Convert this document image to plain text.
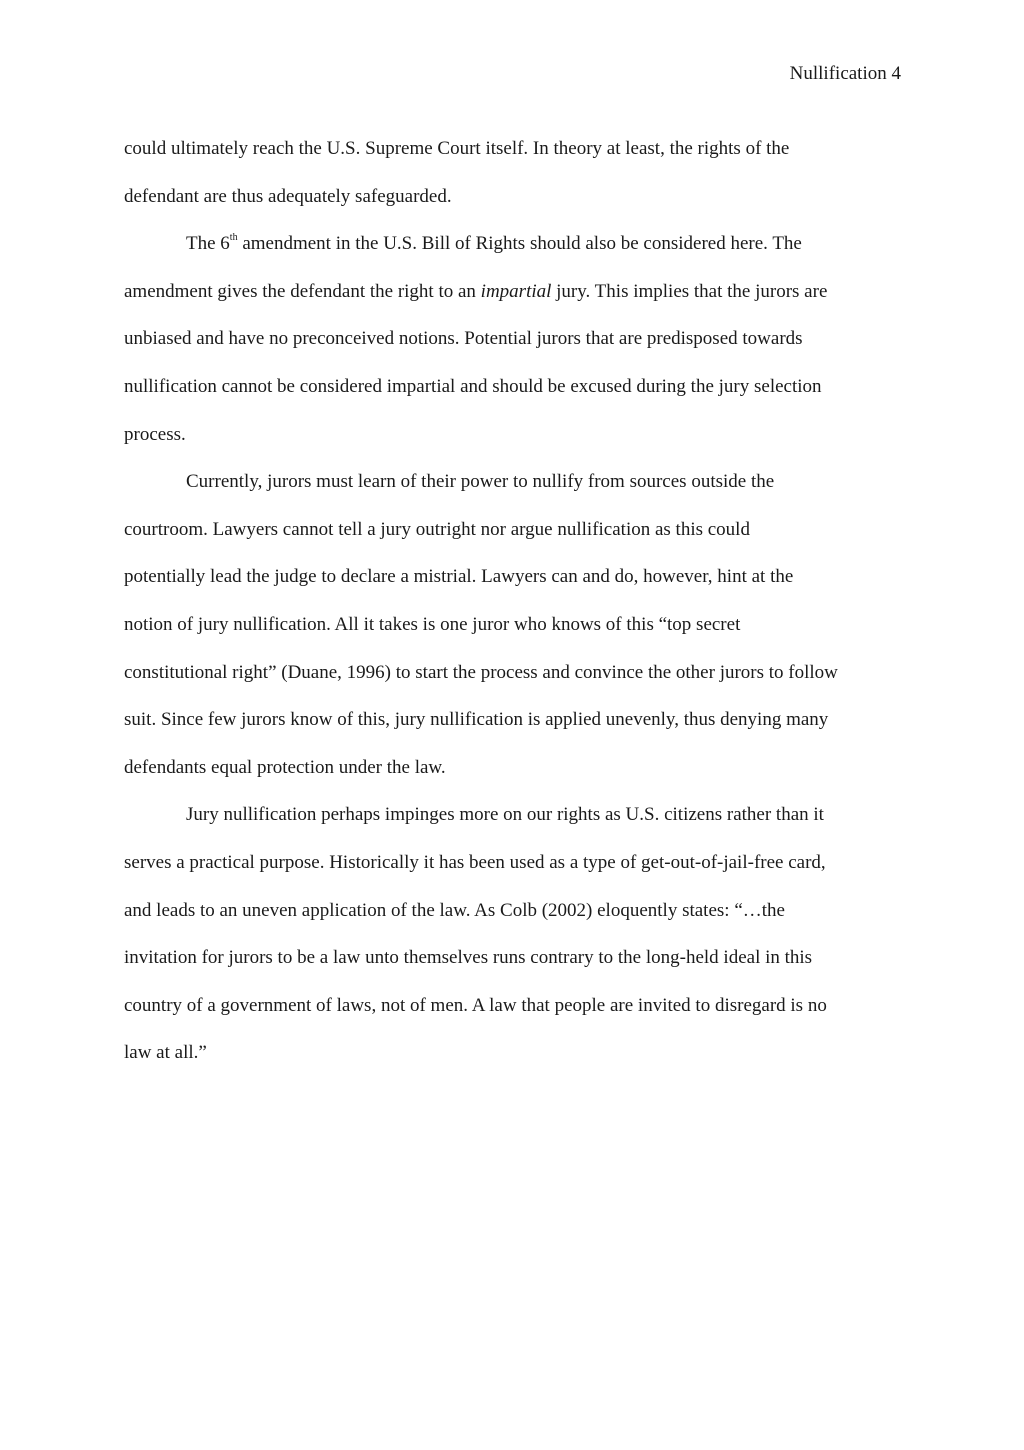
Nullification 4
could ultimately reach the U.S. Supreme Court itself. In theory at least, the rights of the
defendant are thus adequately safeguarded.
The 6th amendment in the U.S. Bill of Rights should also be considered here. The
amendment gives the defendant the right to an impartial jury. This implies that the jurors are
unbiased and have no preconceived notions. Potential jurors that are predisposed towards
nullification cannot be considered impartial and should be excused during the jury selection
process.
Currently, jurors must learn of their power to nullify from sources outside the
courtroom. Lawyers cannot tell a jury outright nor argue nullification as this could
potentially lead the judge to declare a mistrial. Lawyers can and do, however, hint at the
notion of jury nullification. All it takes is one juror who knows of this “top secret
constitutional right” (Duane, 1996) to start the process and convince the other jurors to follow
suit. Since few jurors know of this, jury nullification is applied unevenly, thus denying many
defendants equal protection under the law.
Jury nullification perhaps impinges more on our rights as U.S. citizens rather than it
serves a practical purpose. Historically it has been used as a type of get-out-of-jail-free card,
and leads to an uneven application of the law. As Colb (2002) eloquently states: “…the
invitation for jurors to be a law unto themselves runs contrary to the long-held ideal in this
country of a government of laws, not of men. A law that people are invited to disregard is no
law at all.”
